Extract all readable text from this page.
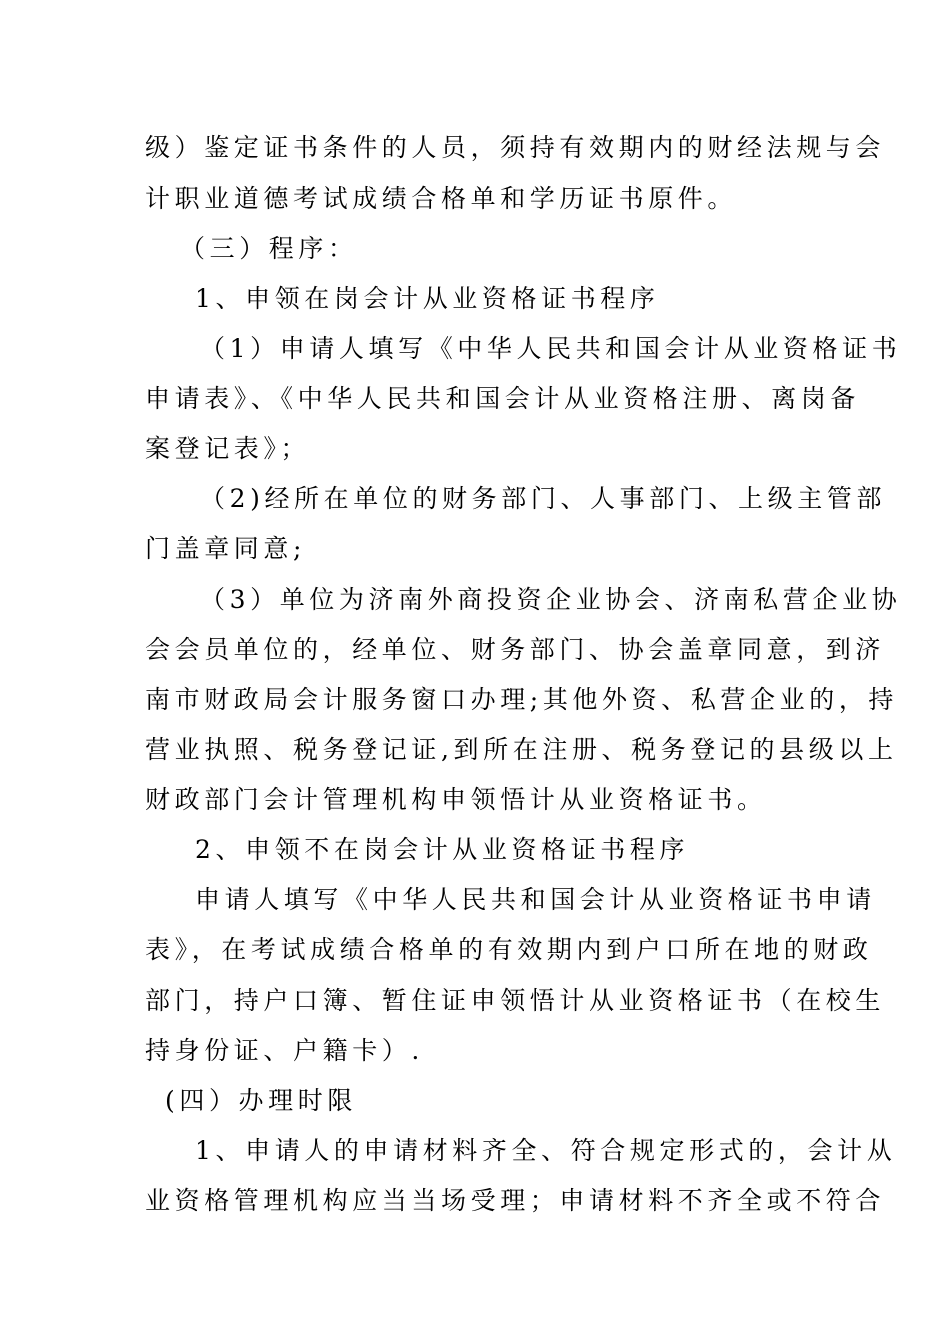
级）鉴定证书条件的人员，须持有效期内的财经法规与会
计职业道德考试成绩合格单和学历证书原件。
（三）程序：
1、申领在岗会计从业资格证书程序
（1）申请人填写《中华人民共和国会计从业资格证书
申请表》、《中华人民共和国会计从业资格注册、离岗备
案登记表》；
（2)经所在单位的财务部门、人事部门、上级主管部
门盖章同意;
（3）单位为济南外商投资企业协会、济南私营企业协
会会员单位的，经单位、财务部门、协会盖章同意，到济
南市财政局会计服务窗口办理;其他外资、私营企业的，持
营业执照、税务登记证,到所在注册、税务登记的县级以上
财政部门会计管理机构申领悟计从业资格证书。
2、申领不在岗会计从业资格证书程序
申请人填写《中华人民共和国会计从业资格证书申请
表》，在考试成绩合格单的有效期内到户口所在地的财政
部门，持户口簿、暂住证申领悟计从业资格证书（在校生
持身份证、户籍卡）.
(四）办理时限
1、申请人的申请材料齐全、符合规定形式的，会计从
业资格管理机构应当当场受理；申请材料不齐全或不符合
